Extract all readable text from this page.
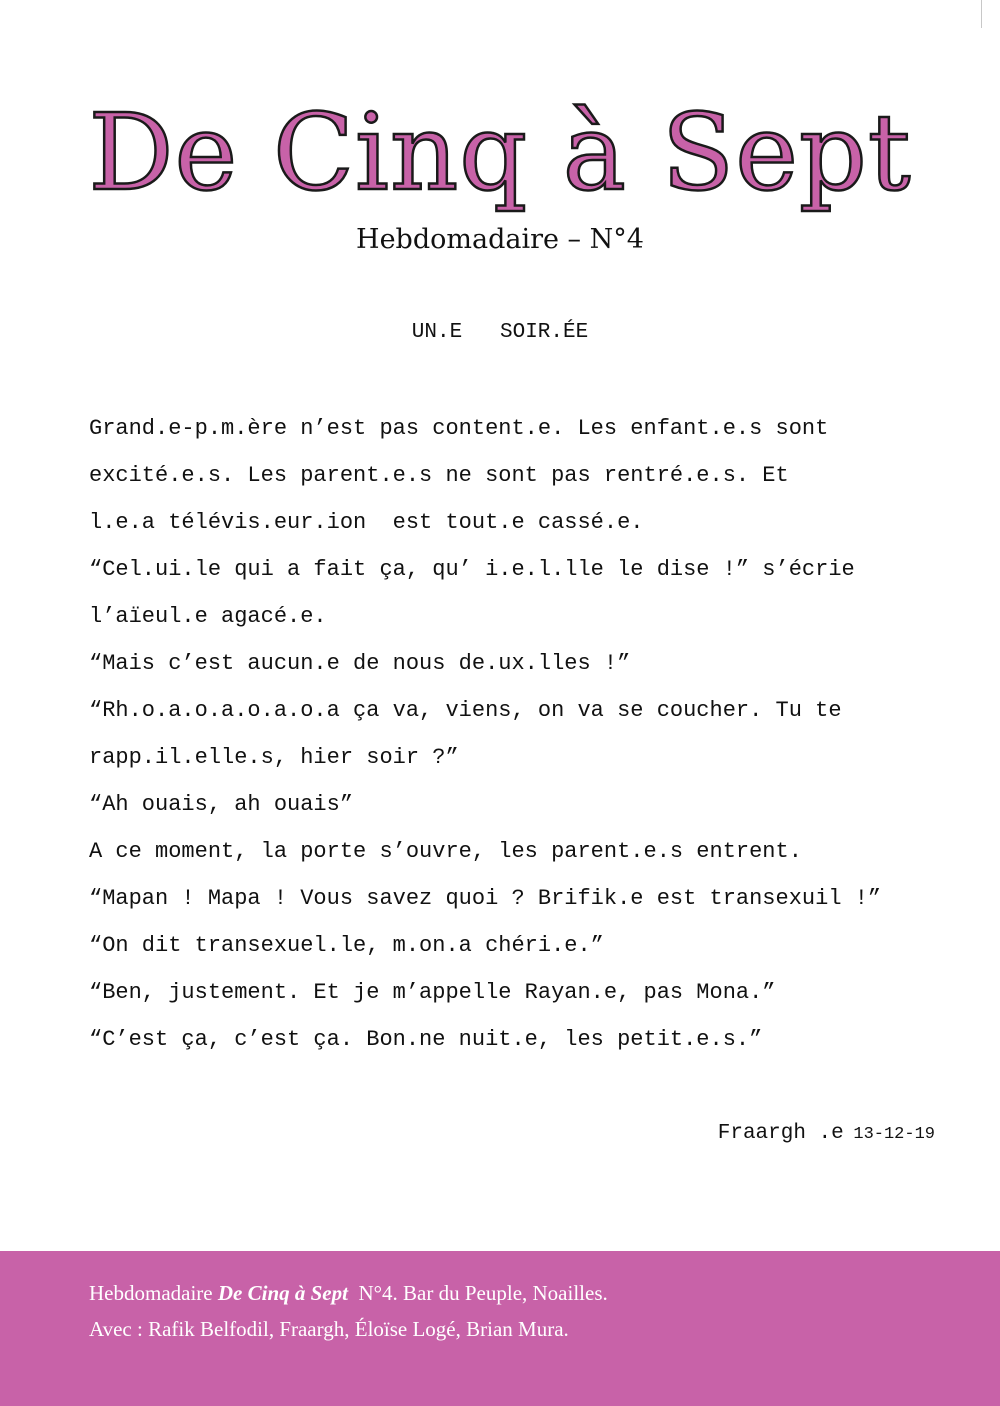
De Cinq à Sept
Hebdomadaire – N°4
UN.E   SOIR.ÉE
Grand.e-p.m.ère n’est pas content.e. Les enfant.e.s sont
excité.e.s. Les parent.e.s ne sont pas rentré.e.s. Et
l.e.a télévis.eur.ion  est tout.e cassé.e.
“Cel.ui.le qui a fait ça, qu’ i.e.l.lle le dise !” s’écrie
l’aïeul.e agacé.e.
“Mais c’est aucun.e de nous de.ux.lles !”
“Rh.o.a.o.a.o.a.o.a ça va, viens, on va se coucher. Tu te
rapp.il.elle.s, hier soir ?”
“Ah ouais, ah ouais”
A ce moment, la porte s’ouvre, les parent.e.s entrent.
“Mapan ! Mapa ! Vous savez quoi ? Brifik.e est transexuil !”
“On dit transexuel.le, m.on.a chéri.e.”
“Ben, justement. Et je m’appelle Rayan.e, pas Mona.”
“C’est ça, c’est ça. Bon.ne nuit.e, les petit.e.s.”
Fraargh .e 13-12-19
Hebdomadaire De Cinq à Sept  N°4. Bar du Peuple, Noailles.
Avec : Rafik Belfodil, Fraargh, Éloïse Logé, Brian Mura.
